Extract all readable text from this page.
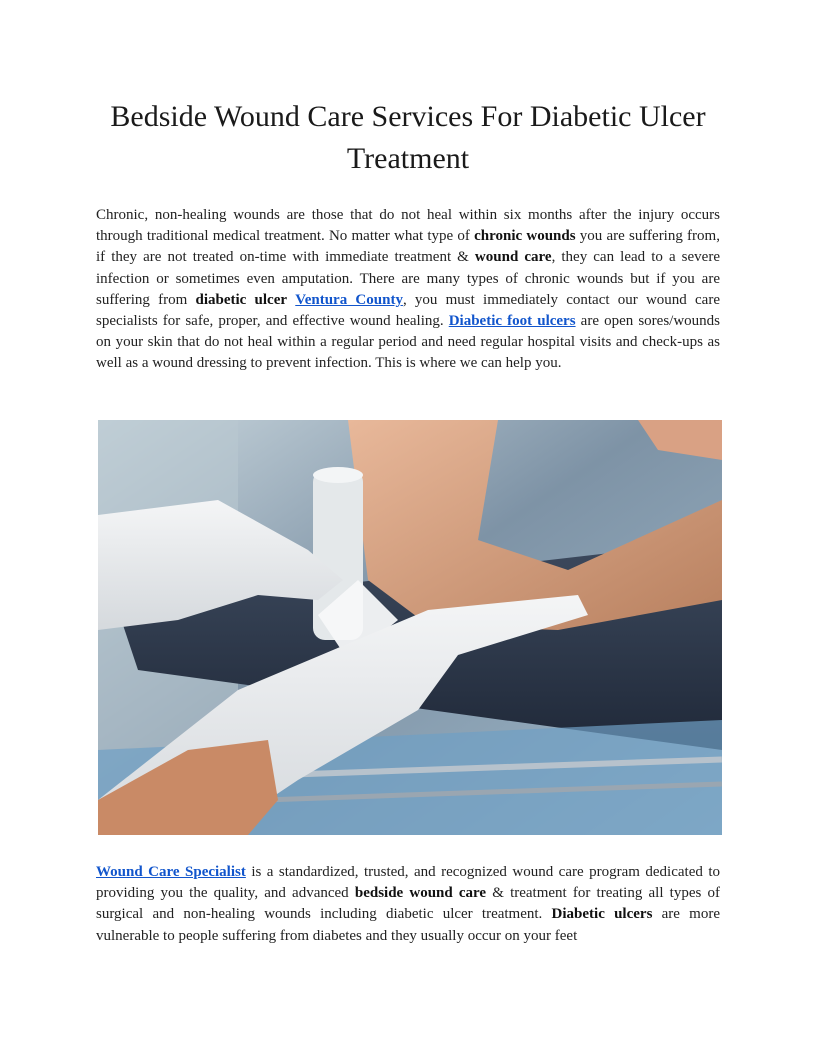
Bedside Wound Care Services For Diabetic Ulcer Treatment

Chronic, non-healing wounds are those that do not heal within six months after the injury occurs through traditional medical treatment. No matter what type of chronic wounds you are suffering from, if they are not treated on-time with immediate treatment & wound care, they can lead to a severe infection or sometimes even amputation. There are many types of chronic wounds but if you are suffering from diabetic ulcer Ventura County, you must immediately contact our wound care specialists for safe, proper, and effective wound healing. Diabetic foot ulcers are open sores/wounds on your skin that do not heal within a regular period and need regular hospital visits and check-ups as well as a wound dressing to prevent infection. This is where we can help you.

Wound Care Specialist is a standardized, trusted, and recognized wound care program dedicated to providing you the quality, and advanced bedside wound care & treatment for treating all types of surgical and non-healing wounds including diabetic ulcer treatment. Diabetic ulcers are more vulnerable to people suffering from diabetes and they usually occur on your feet
